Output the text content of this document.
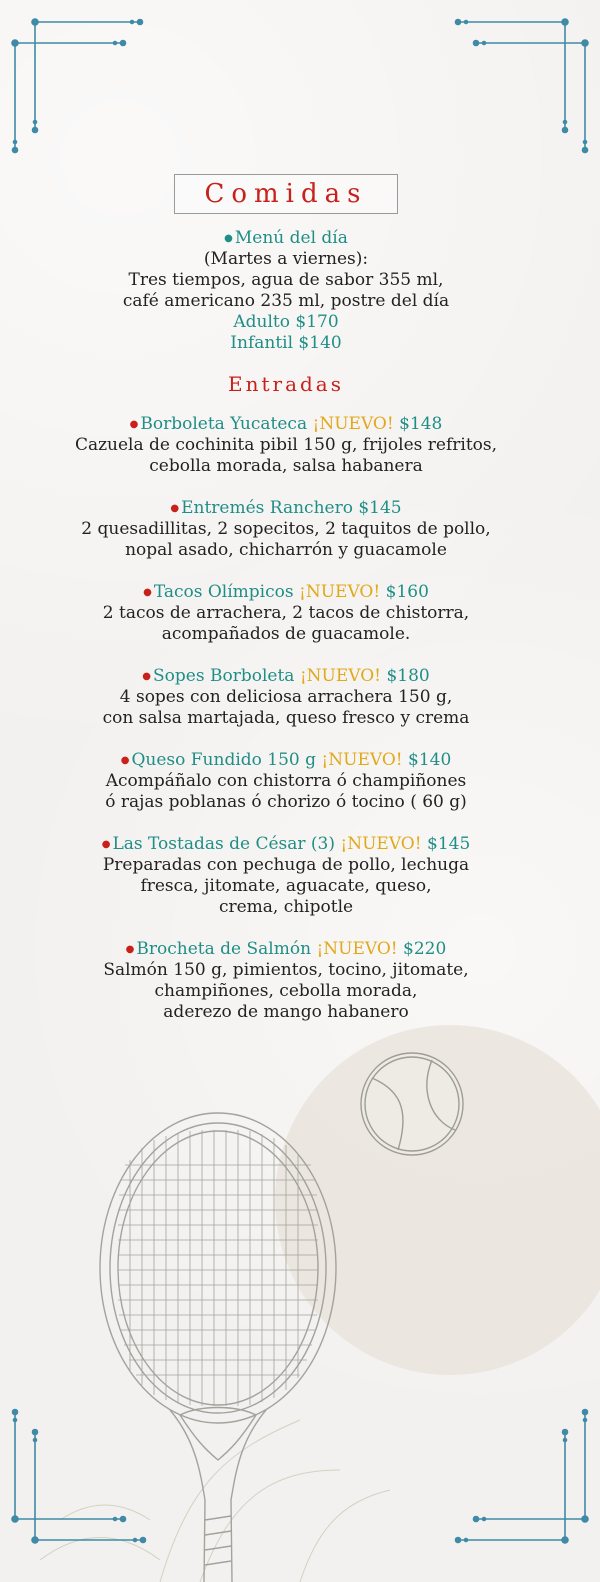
Comidas
● Menú del día
(Martes a viernes):
Tres tiempos, agua de sabor 355 ml,
café americano 235 ml, postre del día
Adulto $170
Infantil $140
Entradas
● Borboleta Yucateca ¡NUEVO! $148
Cazuela de cochinita pibil 150 g, frijoles refritos,
cebolla morada, salsa habanera
● Entremés Ranchero $145
2 quesadillitas, 2 sopecitos, 2 taquitos de pollo,
nopal asado, chicharrón y guacamole
● Tacos Olímpicos ¡NUEVO! $160
2 tacos de arrachera, 2 tacos de chistorra,
acompañados de guacamole.
● Sopes Borboleta ¡NUEVO! $180
4 sopes con deliciosa arrachera 150 g,
con salsa martajada, queso fresco y crema
● Queso Fundido 150 g ¡NUEVO! $140
Acompáñalo con chistorra ó champiñones
ó rajas poblanas ó chorizo ó tocino ( 60 g)
● Las Tostadas de César (3) ¡NUEVO! $145
Preparadas con pechuga de pollo, lechuga
fresca, jitomate, aguacate, queso,
crema, chipotle
● Brocheta de Salmón ¡NUEVO! $220
Salmón 150 g, pimientos, tocino, jitomate,
champiñones, cebolla morada,
aderezo de mango habanero
